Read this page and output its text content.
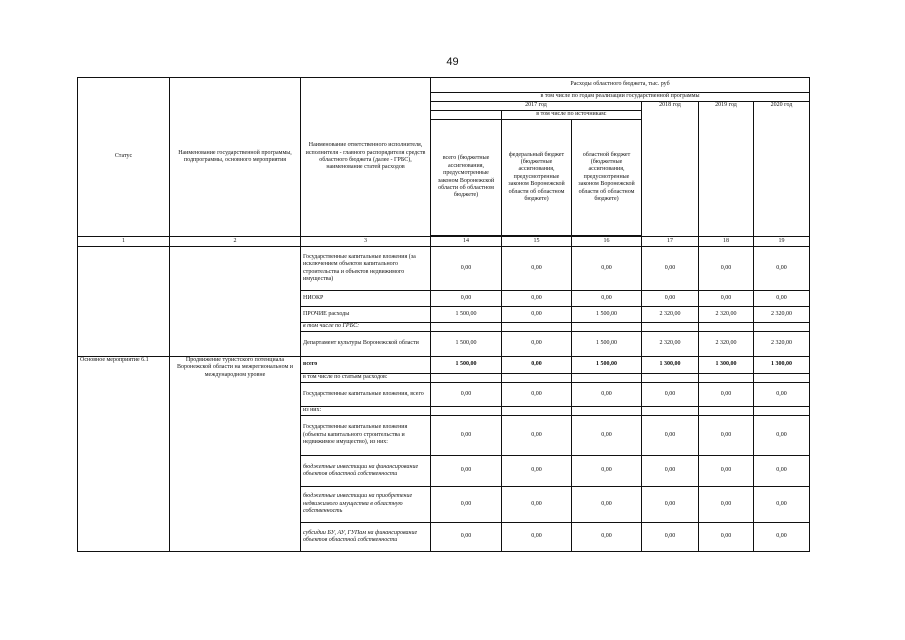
49
Статус	Наименование государственной программы, подпрограммы, основного мероприятия	Наименование ответственного исполнителя, исполнителя - главного распорядителя средств областного бюджета (далее - ГРБС), наименование статей расходов	Расходы областного бюджета, тыс. руб					
			в том числе по годам реализации государственной программы					
			2017 год			2018 год	2019 год	2020 год
				в том числе по источникам:				
			всего (бюджетные ассигнования, предусмотренные законом Воронежской области об областном бюджете)	федеральный бюджет (бюджетные ассигнования, предусмотренные законом Воронежской области об областном бюджете)	областной бюджет (бюджетные ассигнования, предусмотренные законом Воронежской области об областном бюджете)			

1	2	3	14	15	16	17	18	19
		Государственные капитальные вложения (за исключением объектов капитального строительства и объектов недвижимого имущества)	0,00	0,00	0,00	0,00	0,00	0,00
		НИОКР	0,00	0,00	0,00	0,00	0,00	0,00
		ПРОЧИЕ расходы	1 500,00	0,00	1 500,00	2 320,00	2 320,00	2 320,00
		в том числе по ГРБС:						
		Департамент культуры Воронежской области	1 500,00	0,00	1 500,00	2 320,00	2 320,00	2 320,00
Основное мероприятие 6.1	Продвижение туристского потенциала Воронежской области на межрегиональном и международном уровне	всего	1 500,00	0,00	1 500,00	1 300,00	1 300,00	1 300,00
		в том числе по статьям расходов:						
		Государственные капитальные вложения, всего	0,00	0,00	0,00	0,00	0,00	0,00
		из них:						
		Государственные капитальные вложения (объекты капитального строительства и недвижимое имущество), из них:	0,00	0,00	0,00	0,00	0,00	0,00
		бюджетные инвестиции на финансирование объектов областной собственности	0,00	0,00	0,00	0,00	0,00	0,00
		бюджетные инвестиции на приобретение недвижимого имущества в областную собственность	0,00	0,00	0,00	0,00	0,00	0,00
		субсидии БУ, АУ, ГУПам на финансирование объектов областной собственности	0,00	0,00	0,00	0,00	0,00	0,00
